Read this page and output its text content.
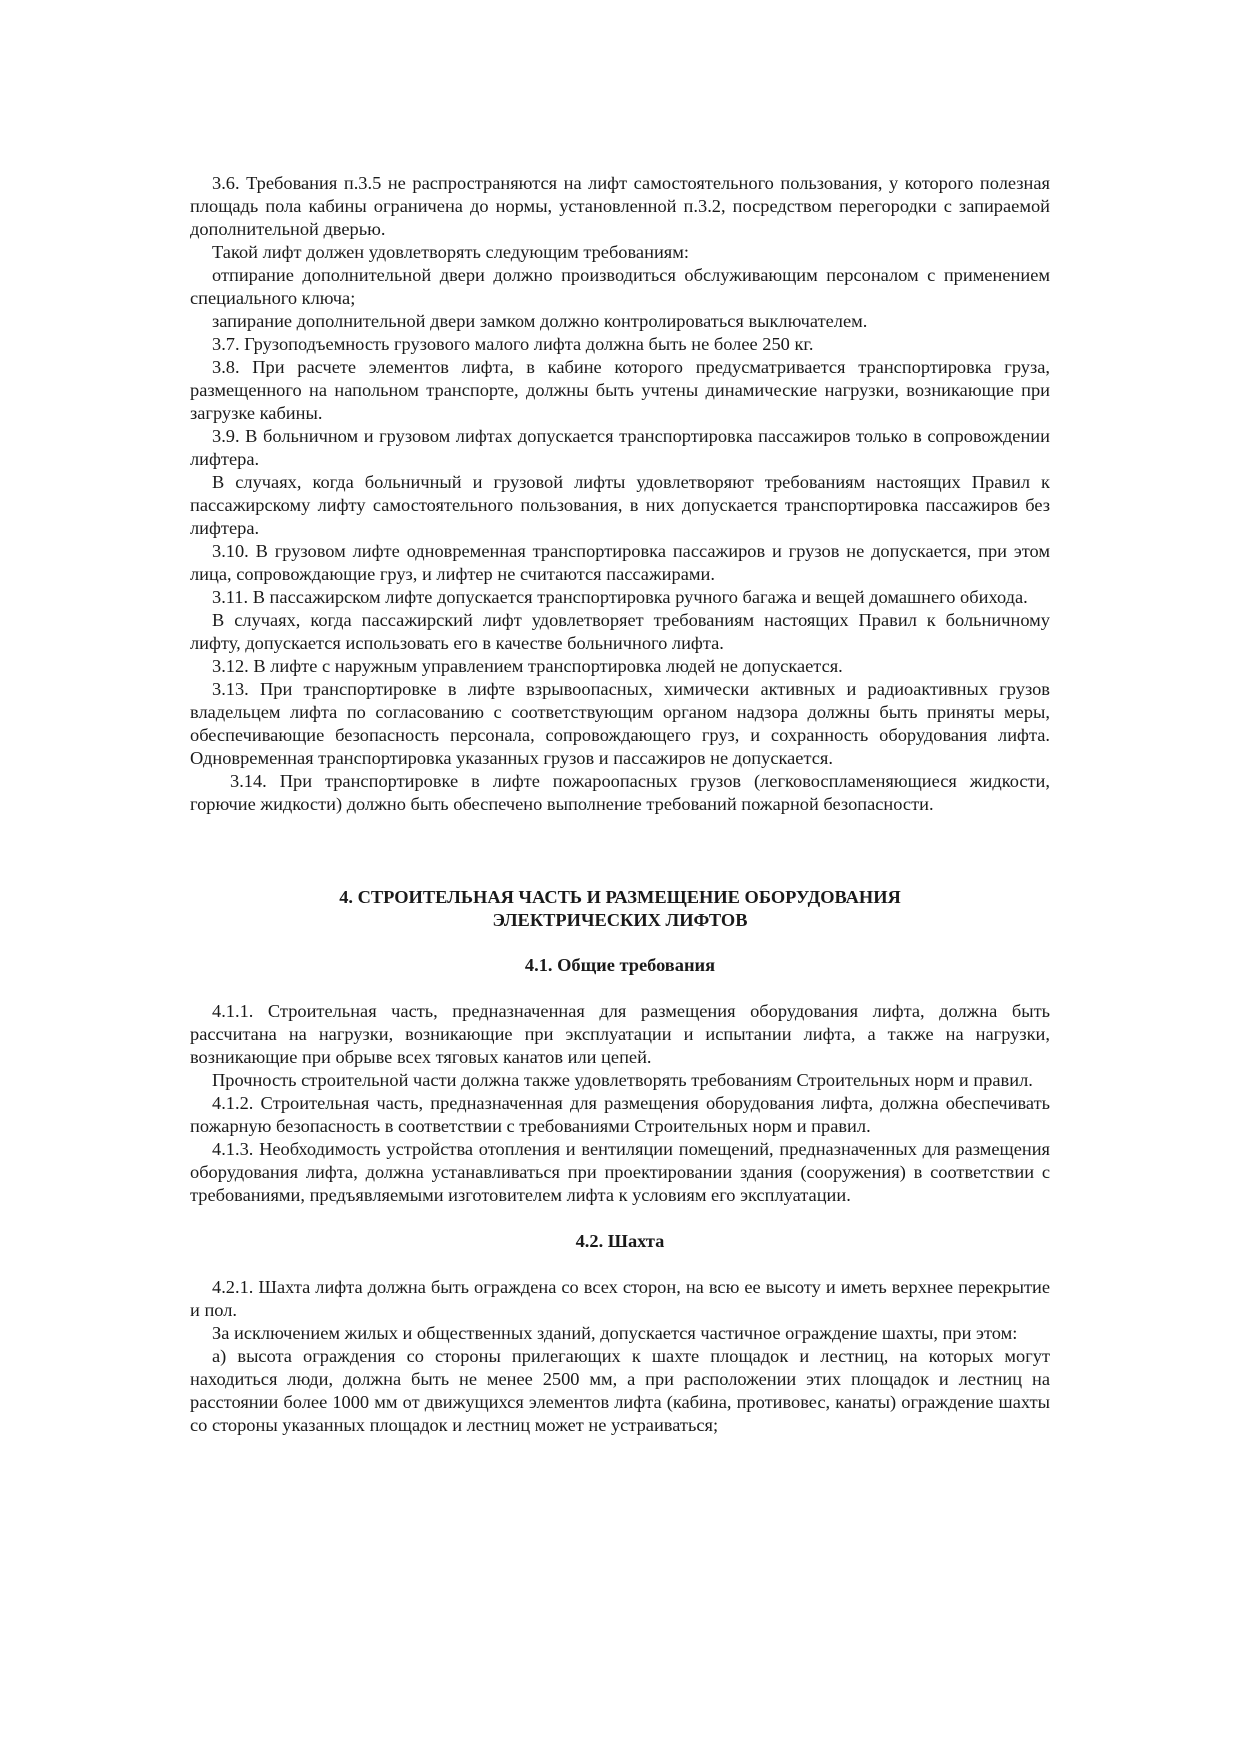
3.6. Требования п.3.5 не распространяются на лифт самостоятельного пользования, у которого полезная площадь пола кабины ограничена до нормы, установленной п.3.2, посредством перегородки с запираемой дополнительной дверью.

Такой лифт должен удовлетворять следующим требованиям:

отпирание дополнительной двери должно производиться обслуживающим персоналом с применением специального ключа;

запирание дополнительной двери замком должно контролироваться выключателем.

3.7. Грузоподъемность грузового малого лифта должна быть не более 250 кг.

3.8. При расчете элементов лифта, в кабине которого предусматривается транспортировка груза, размещенного на напольном транспорте, должны быть учтены динамические нагрузки, возникающие при загрузке кабины.

3.9. В больничном и грузовом лифтах допускается транспортировка пассажиров только в сопровождении лифтера.

В случаях, когда больничный и грузовой лифты удовлетворяют требованиям настоящих Правил к пассажирскому лифту самостоятельного пользования, в них допускается транспортировка пассажиров без лифтера.

3.10. В грузовом лифте одновременная транспортировка пассажиров и грузов не допускается, при этом лица, сопровождающие груз, и лифтер не считаются пассажирами.

3.11. В пассажирском лифте допускается транспортировка ручного багажа и вещей домашнего обихода.

В случаях, когда пассажирский лифт удовлетворяет требованиям настоящих Правил к больничному лифту, допускается использовать его в качестве больничного лифта.

3.12. В лифте с наружным управлением транспортировка людей не допускается.

3.13. При транспортировке в лифте взрывоопасных, химически активных и радиоактивных грузов владельцем лифта по согласованию с соответствующим органом надзора должны быть приняты меры, обеспечивающие безопасность персонала, сопровождающего груз, и сохранность оборудования лифта. Одновременная транспортировка указанных грузов и пассажиров не допускается.

3.14. При транспортировке в лифте пожароопасных грузов (легковоспламеняющиеся жидкости, горючие жидкости) должно быть обеспечено выполнение требований пожарной безопасности.

4. СТРОИТЕЛЬНАЯ ЧАСТЬ И РАЗМЕЩЕНИЕ ОБОРУДОВАНИЯ
ЭЛЕКТРИЧЕСКИХ ЛИФТОВ
4.1. Общие требования

4.1.1. Строительная часть, предназначенная для размещения оборудования лифта, должна быть рассчитана на нагрузки, возникающие при эксплуатации и испытании лифта, а также на нагрузки, возникающие при обрыве всех тяговых канатов или цепей.

Прочность строительной части должна также удовлетворять требованиям Строительных норм и правил.

4.1.2. Строительная часть, предназначенная для размещения оборудования лифта, должна обеспечивать пожарную безопасность в соответствии с требованиями Строительных норм и правил.

4.1.3. Необходимость устройства отопления и вентиляции помещений, предназначенных для размещения оборудования лифта, должна устанавливаться при проектировании здания (сооружения) в соответствии с требованиями, предъявляемыми изготовителем лифта к условиям его эксплуатации.

4.2. Шахта

4.2.1. Шахта лифта должна быть ограждена со всех сторон, на всю ее высоту и иметь верхнее перекрытие и пол.

За исключением жилых и общественных зданий, допускается частичное ограждение шахты, при этом:

а) высота ограждения со стороны прилегающих к шахте площадок и лестниц, на которых могут находиться люди, должна быть не менее 2500 мм, а при расположении этих площадок и лестниц на расстоянии более 1000 мм от движущихся элементов лифта (кабина, противовес, канаты) ограждение шахты со стороны указанных площадок и лестниц может не устраиваться;
